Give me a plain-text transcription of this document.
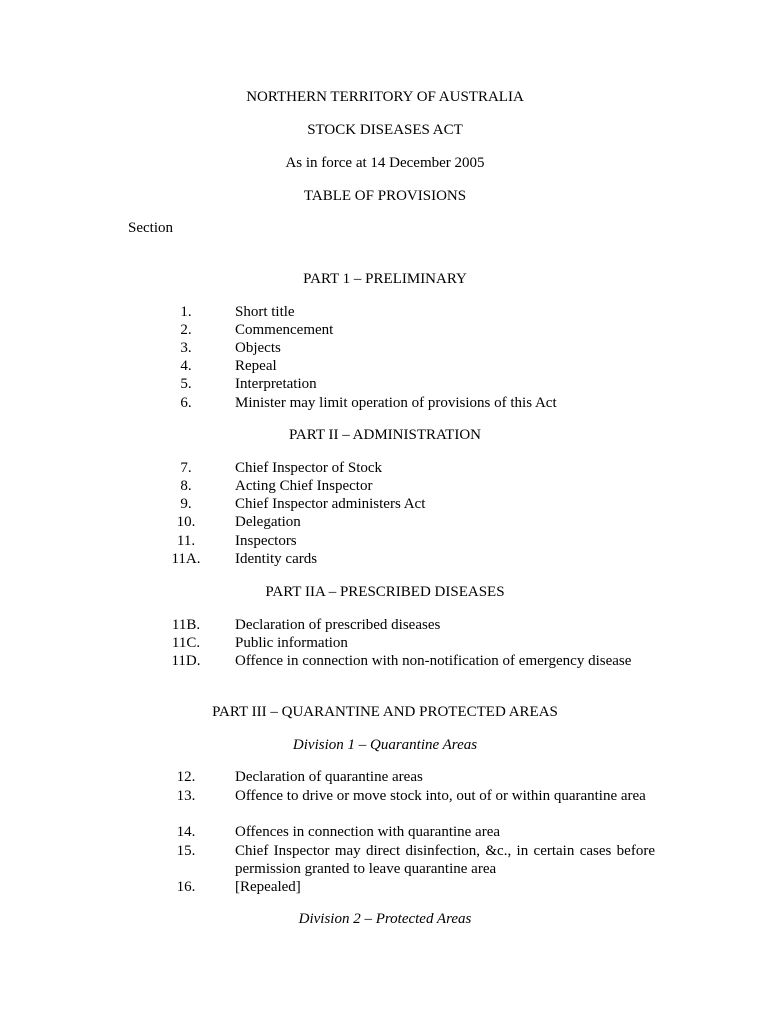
NORTHERN TERRITORY OF AUSTRALIA
STOCK DISEASES ACT
As in force at 14 December 2005
TABLE OF PROVISIONS
Section
PART 1 – PRELIMINARY
1.	Short title
2.	Commencement
3.	Objects
4.	Repeal
5.	Interpretation
6.	Minister may limit operation of provisions of this Act
PART II – ADMINISTRATION
7.	Chief Inspector of Stock
8.	Acting Chief Inspector
9.	Chief Inspector administers Act
10.	Delegation
11.	Inspectors
11A. Identity cards
PART IIA – PRESCRIBED DISEASES
11B. Declaration of prescribed diseases
11C. Public information
11D. Offence in connection with non-notification of emergency disease
PART III – QUARANTINE AND PROTECTED AREAS
Division 1 – Quarantine Areas
12.	Declaration of quarantine areas
13.	Offence to drive or move stock into, out of or within quarantine area
14.	Offences in connection with quarantine area
15.	Chief Inspector may direct disinfection, &c., in certain cases before permission granted to leave quarantine area
16.	[Repealed]
Division 2 – Protected Areas
